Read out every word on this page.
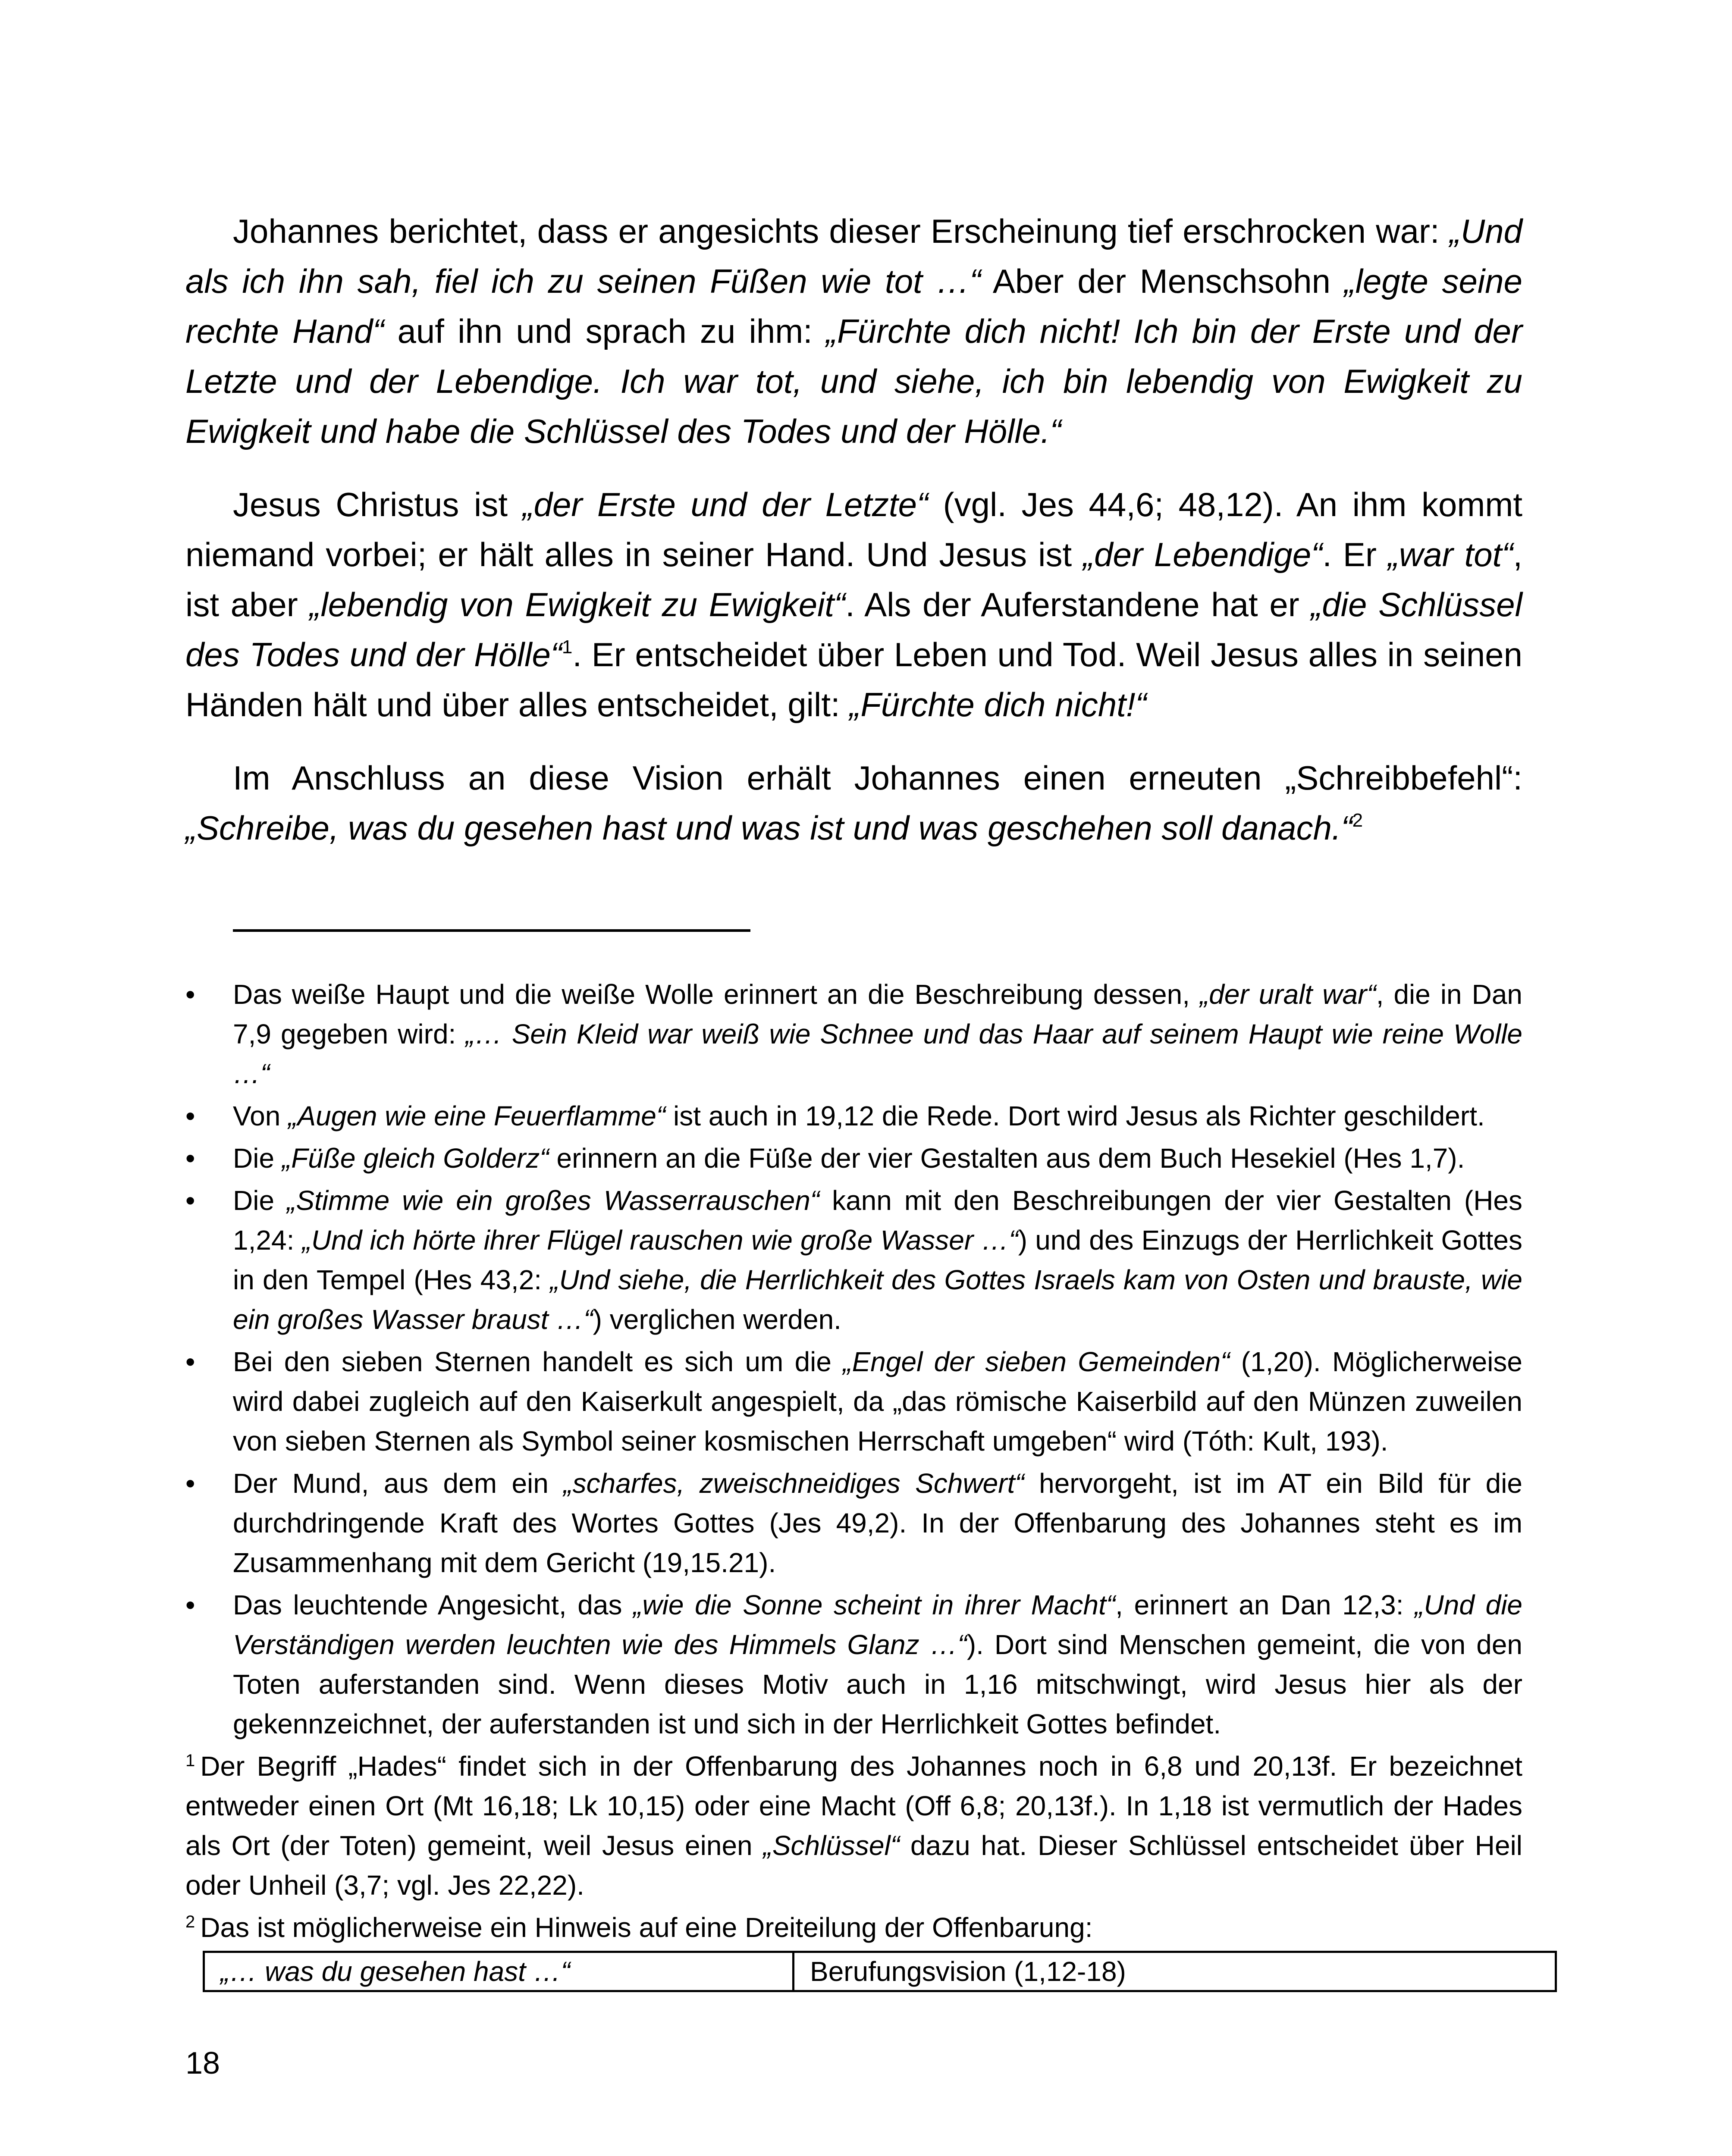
Johannes berichtet, dass er angesichts dieser Erscheinung tief erschrocken war: „Und als ich ihn sah, fiel ich zu seinen Füßen wie tot …“ Aber der Menschsohn „legte seine rechte Hand“ auf ihn und sprach zu ihm: „Fürchte dich nicht! Ich bin der Erste und der Letzte und der Lebendige. Ich war tot, und siehe, ich bin lebendig von Ewigkeit zu Ewigkeit und habe die Schlüssel des Todes und der Hölle.“

Jesus Christus ist „der Erste und der Letzte“ (vgl. Jes 44,6; 48,12). An ihm kommt niemand vorbei; er hält alles in seiner Hand. Und Jesus ist „der Lebendige“. Er „war tot“, ist aber „lebendig von Ewigkeit zu Ewigkeit“. Als der Auferstandene hat er „die Schlüssel des Todes und der Hölle“$^1$. Er entscheidet über Leben und Tod. Weil Jesus alles in seinen Händen hält und über alles entscheidet, gilt: „Fürchte dich nicht!“

Im Anschluss an diese Vision erhält Johannes einen erneuten „Schreibbefehl“: „Schreibe, was du gesehen hast und was ist und was geschehen soll danach.“$^2$

•	Das weiße Haupt und die weiße Wolle erinnert an die Beschreibung dessen, „der uralt war“, die in Dan 7,9 gegeben wird: „… Sein Kleid war weiß wie Schnee und das Haar auf seinem Haupt wie reine Wolle …“
•	Von „Augen wie eine Feuerflamme“ ist auch in 19,12 die Rede. Dort wird Jesus als Richter geschildert.
•	Die „Füße gleich Golderz“ erinnern an die Füße der vier Gestalten aus dem Buch Hesekiel (Hes 1,7).
•	Die „Stimme wie ein großes Wasserrauschen“ kann mit den Beschreibungen der vier Gestalten (Hes 1,24: „Und ich hörte ihrer Flügel rauschen wie große Wasser …“) und des Einzugs der Herrlichkeit Gottes in den Tempel (Hes 43,2: „Und siehe, die Herrlichkeit des Gottes Israels kam von Osten und brauste, wie ein großes Wasser braust …“) verglichen werden.
•	Bei den sieben Sternen handelt es sich um die „Engel der sieben Gemeinden“ (1,20). Möglicherweise wird dabei zugleich auf den Kaiserkult angespielt, da „das römische Kaiserbild auf den Münzen zuweilen von sieben Sternen als Symbol seiner kosmischen Herrschaft umgeben“ wird (Tóth: Kult, 193).
•	Der Mund, aus dem ein „scharfes, zweischneidiges Schwert“ hervorgeht, ist im AT ein Bild für die durchdringende Kraft des Wortes Gottes (Jes 49,2). In der Offenbarung des Johannes steht es im Zusammenhang mit dem Gericht (19,15.21).
•	Das leuchtende Angesicht, das „wie die Sonne scheint in ihrer Macht“, erinnert an Dan 12,3: „Und die Verständigen werden leuchten wie des Himmels Glanz …“). Dort sind Menschen gemeint, die von den Toten auferstanden sind. Wenn dieses Motiv auch in 1,16 mitschwingt, wird Jesus hier als der gekennzeichnet, der auferstanden ist und sich in der Herrlichkeit Gottes befindet.

$^1$ Der Begriff „Hades“ findet sich in der Offenbarung des Johannes noch in 6,8 und 20,13f. Er bezeichnet entweder einen Ort (Mt 16,18; Lk 10,15) oder eine Macht (Off 6,8; 20,13f.). In 1,18 ist vermutlich der Hades als Ort (der Toten) gemeint, weil Jesus einen „Schlüssel“ dazu hat. Dieser Schlüssel entscheidet über Heil oder Unheil (3,7; vgl. Jes 22,22).

$^2$ Das ist möglicherweise ein Hinweis auf eine Dreiteilung der Offenbarung:

„… was du gesehen hast …“	Berufungsvision (1,12-18)
18
